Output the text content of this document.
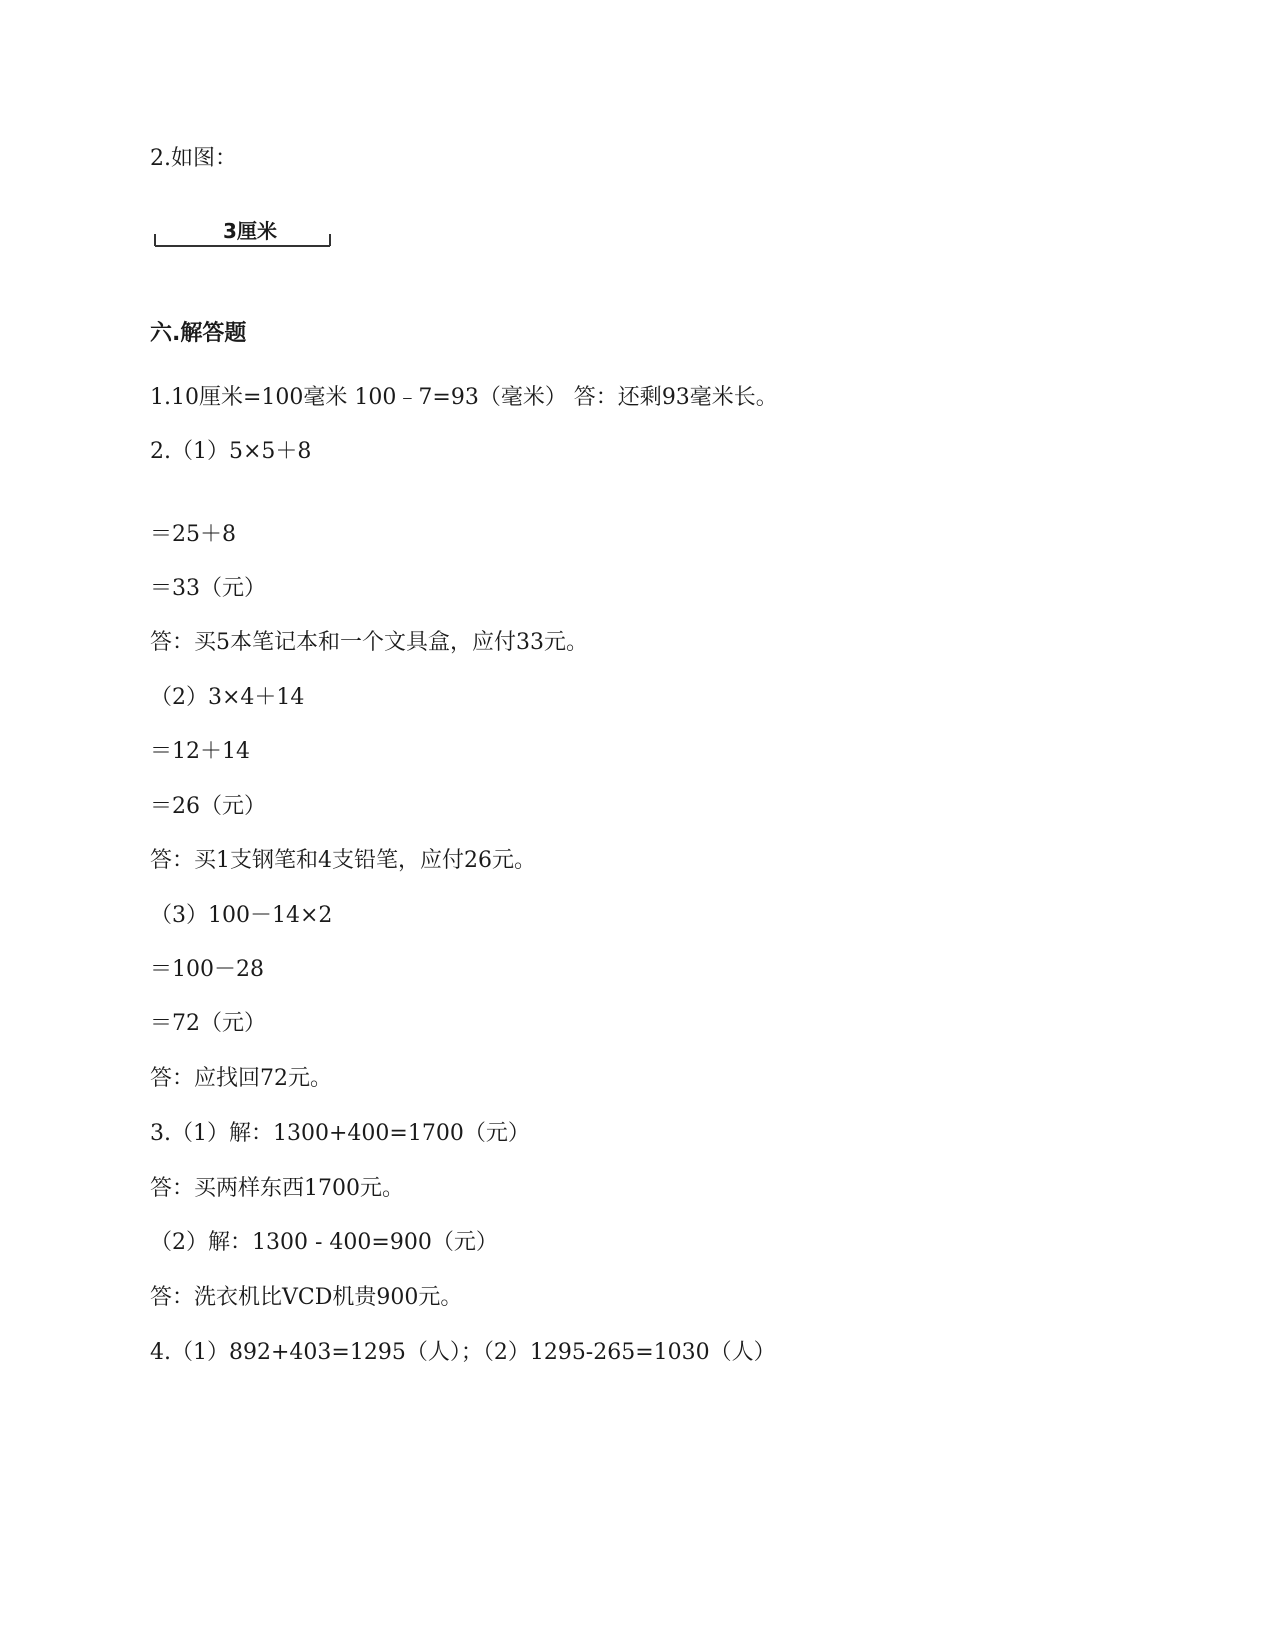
2.如图：
3厘米
六.解答题
1.10厘米=100毫米 100﹣7=93（毫米） 答：还剩93毫米长。
2.（1）5×5＋8
＝25＋8
＝33（元）
答：买5本笔记本和一个文具盒，应付33元。
（2）3×4＋14
＝12＋14
＝26（元）
答：买1支钢笔和4支铅笔，应付26元。
（3）100－14×2
＝100－28
＝72（元）
答：应找回72元。
3.（1）解：1300+400=1700（元）
答：买两样东西1700元。
（2）解：1300 - 400=900（元）
答：洗衣机比VCD机贵900元。
4.（1）892+403=1295（人）；（2）1295-265=1030（人）
